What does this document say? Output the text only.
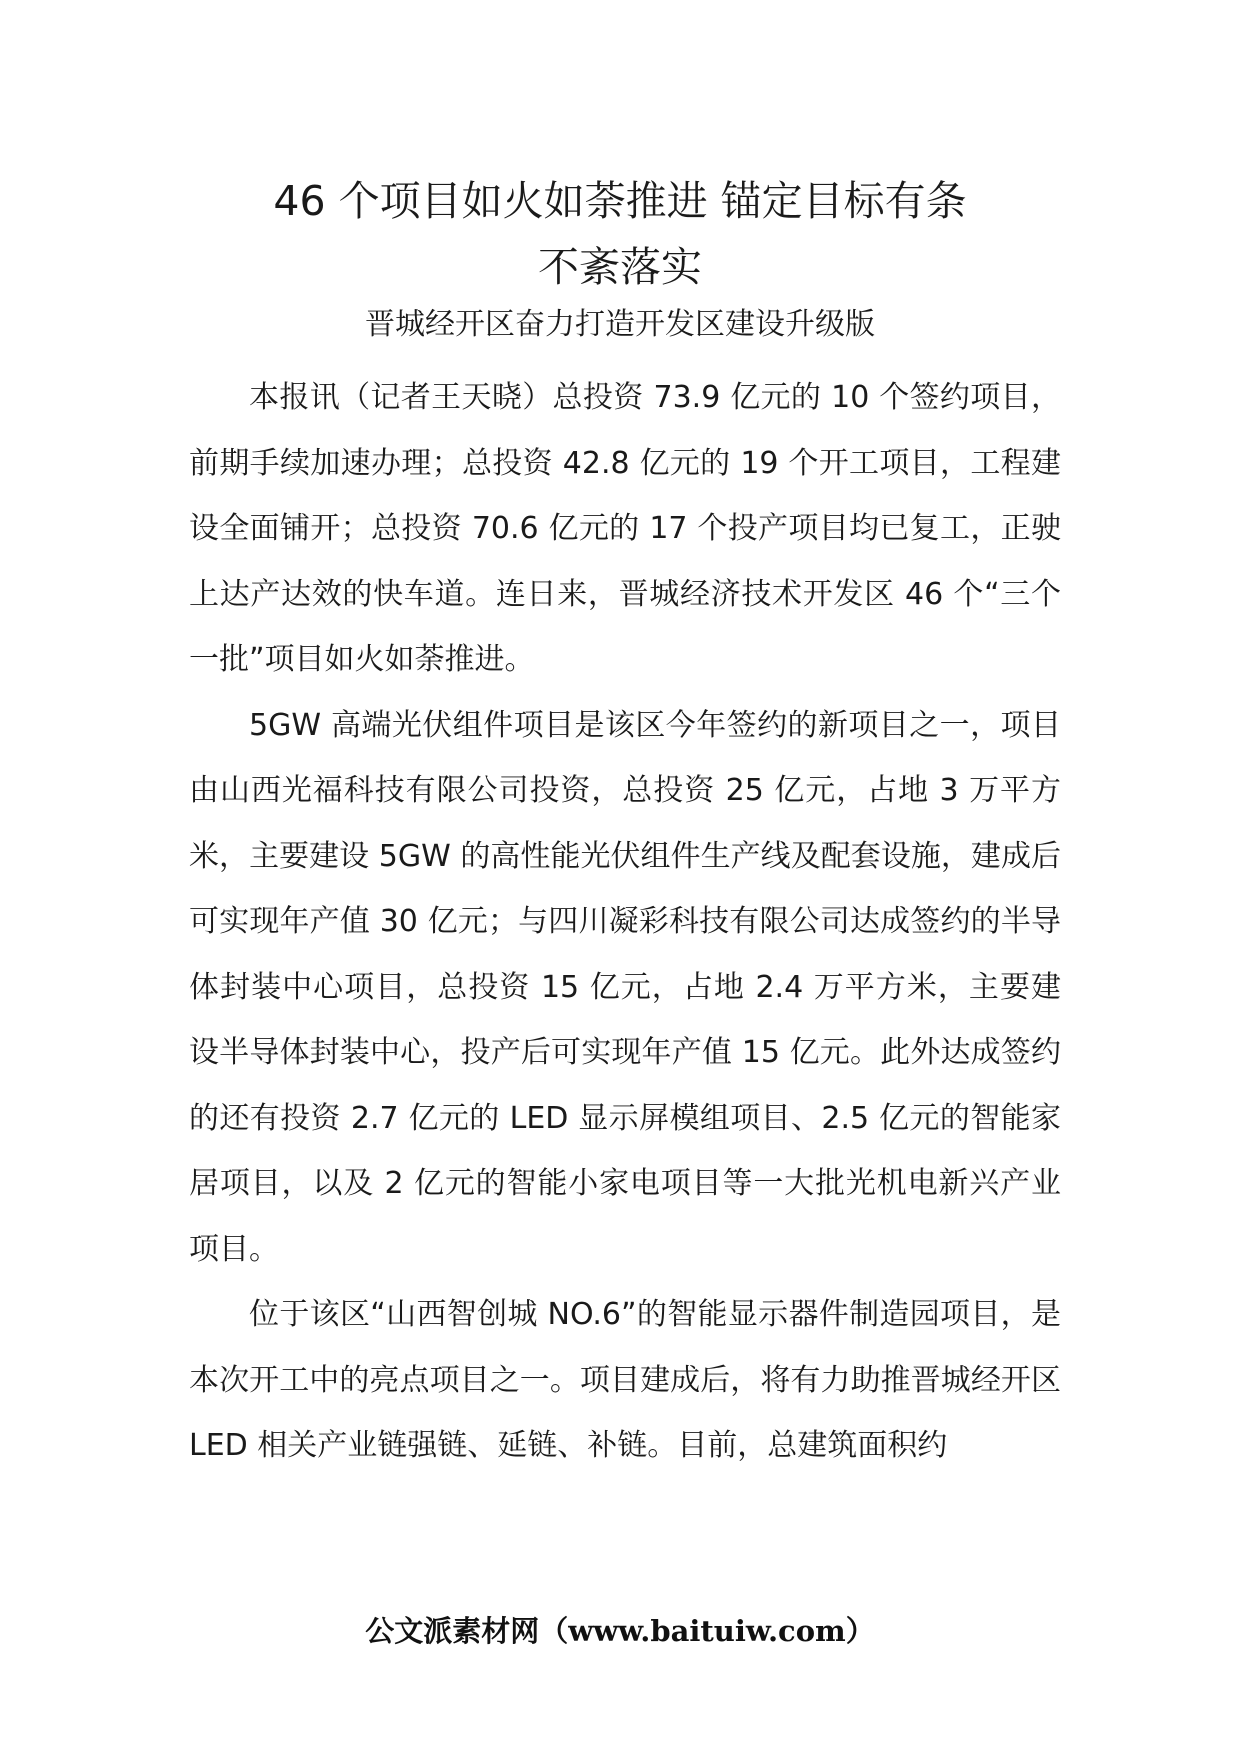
46 个项目如火如荼推进 锚定目标有条
不紊落实
晋城经开区奋力打造开发区建设升级版

本报讯（记者王天晓）总投资 73.9 亿元的 10 个签约项目，前期手续加速办理；总投资 42.8 亿元的 19 个开工项目，工程建设全面铺开；总投资 70.6 亿元的 17 个投产项目均已复工，正驶上达产达效的快车道。连日来，晋城经济技术开发区 46 个“三个一批”项目如火如荼推进。

5GW 高端光伏组件项目是该区今年签约的新项目之一，项目由山西光福科技有限公司投资，总投资 25 亿元，占地 3 万平方米，主要建设 5GW 的高性能光伏组件生产线及配套设施，建成后可实现年产值 30 亿元；与四川凝彩科技有限公司达成签约的半导体封装中心项目，总投资 15 亿元，占地 2.4 万平方米，主要建设半导体封装中心，投产后可实现年产值 15 亿元。此外达成签约的还有投资 2.7 亿元的 LED 显示屏模组项目、2.5 亿元的智能家居项目，以及 2 亿元的智能小家电项目等一大批光机电新兴产业项目。

位于该区“山西智创城 NO.6”的智能显示器件制造园项目，是本次开工中的亮点项目之一。项目建成后，将有力助推晋城经开区 LED 相关产业链强链、延链、补链。目前，总建筑面积约

公文派素材网（www.baituiw.com）
